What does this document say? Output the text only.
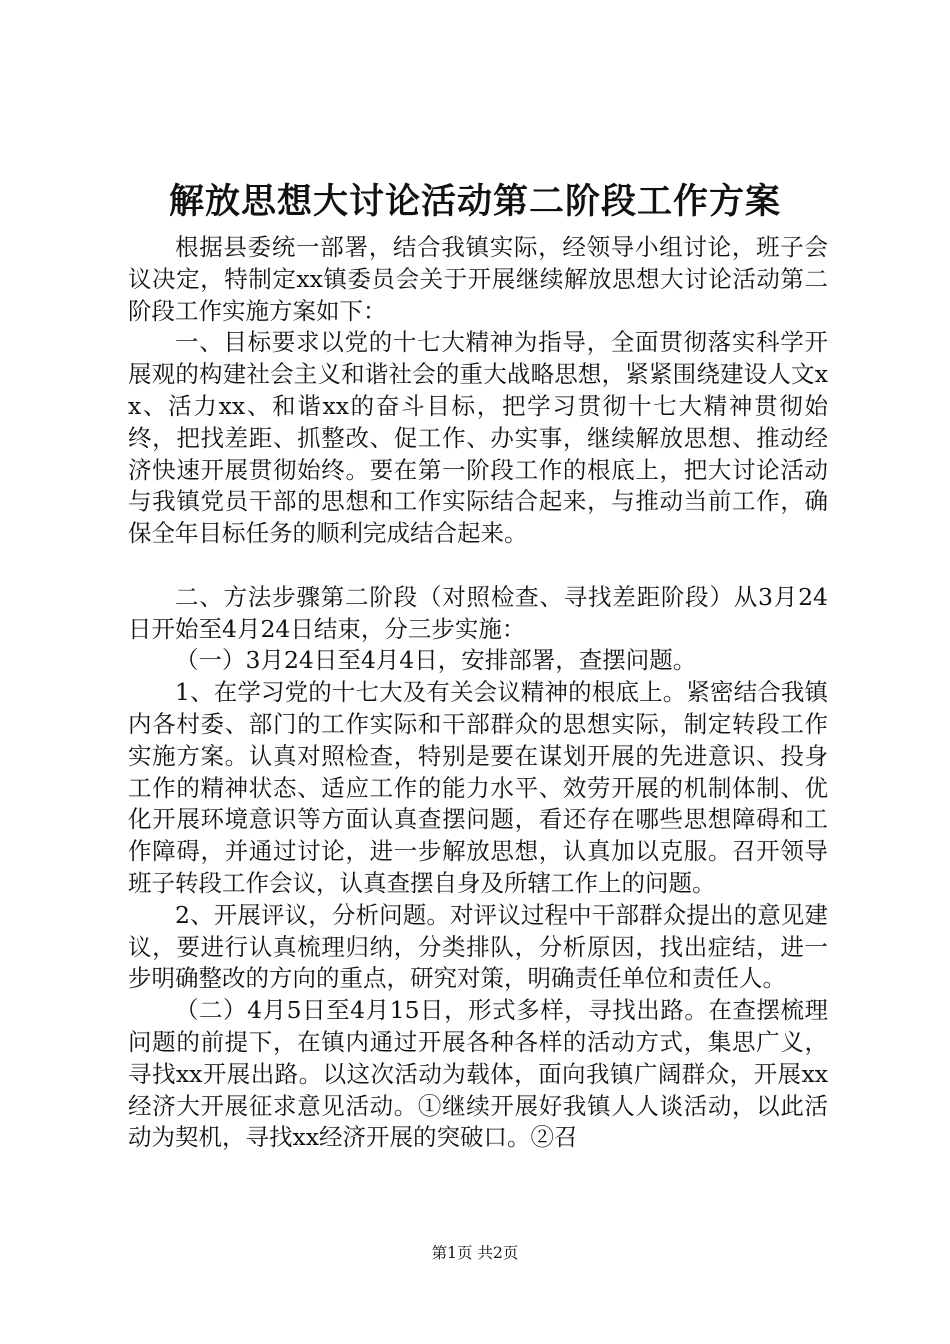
解放思想大讨论活动第二阶段工作方案

根据县委统一部署，结合我镇实际，经领导小组讨论，班子会议决定，特制定xx镇委员会关于开展继续解放思想大讨论活动第二阶段工作实施方案如下：

一、目标要求以党的十七大精神为指导，全面贯彻落实科学开展观的构建社会主义和谐社会的重大战略思想，紧紧围绕建设人文xx、活力xx、和谐xx的奋斗目标，把学习贯彻十七大精神贯彻始终，把找差距、抓整改、促工作、办实事，继续解放思想、推动经济快速开展贯彻始终。要在第一阶段工作的根底上，把大讨论活动与我镇党员干部的思想和工作实际结合起来，与推动当前工作，确保全年目标任务的顺利完成结合起来。

二、方法步骤第二阶段（对照检查、寻找差距阶段）从3月24日开始至4月24日结束，分三步实施：

（一）3月24日至4月4日，安排部署，查摆问题。

1、在学习党的十七大及有关会议精神的根底上。紧密结合我镇内各村委、部门的工作实际和干部群众的思想实际，制定转段工作实施方案。认真对照检查，特别是要在谋划开展的先进意识、投身工作的精神状态、适应工作的能力水平、效劳开展的机制体制、优化开展环境意识等方面认真查摆问题，看还存在哪些思想障碍和工作障碍，并通过讨论，进一步解放思想，认真加以克服。召开领导班子转段工作会议，认真查摆自身及所辖工作上的问题。

2、开展评议，分析问题。对评议过程中干部群众提出的意见建议，要进行认真梳理归纳，分类排队，分析原因，找出症结，进一步明确整改的方向的重点，研究对策，明确责任单位和责任人。

（二）4月5日至4月15日，形式多样，寻找出路。在查摆梳理问题的前提下，在镇内通过开展各种各样的活动方式，集思广义，寻找xx开展出路。以这次活动为载体，面向我镇广阔群众，开展xx经济大开展征求意见活动。①继续开展好我镇人人谈活动，以此活动为契机，寻找xx经济开展的突破口。②召

第1页 共2页
